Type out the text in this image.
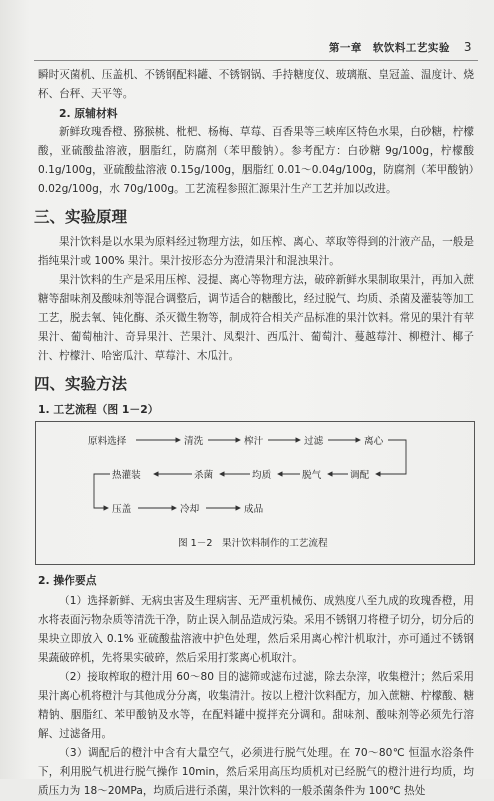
第一章　软饮料工艺实验 3

瞬时灭菌机、压盖机、不锈钢配料罐、不锈钢锅、手持糖度仪、玻璃瓶、皇冠盖、温度计、烧杯、台秤、天平等。

2. 原辅材料

新鲜玫瑰香橙、猕猴桃、枇杷、杨梅、草莓、百香果等三峡库区特色水果，白砂糖，柠檬酸，亚硫酸盐溶液，胭脂红，防腐剂（苯甲酸钠）。参考配方：白砂糖 9g/100g，柠檬酸 0.1g/100g，亚硫酸盐溶液 0.15g/100g，胭脂红 0.01～0.04g/100g，防腐剂（苯甲酸钠）0.02g/100g，水 70g/100g。工艺流程参照汇源果汁生产工艺并加以改进。

三、实验原理

果汁饮料是以水果为原料经过物理方法，如压榨、离心、萃取等得到的汁液产品，一般是指纯果汁或 100% 果汁。果汁按形态分为澄清果汁和混浊果汁。

果汁饮料的生产是采用压榨、浸提、离心等物理方法，破碎新鲜水果制取果汁，再加入蔗糖等甜味剂及酸味剂等混合调整后，调节适合的糖酸比，经过脱气、均质、杀菌及灌装等加工工艺，脱去氧、钝化酶、杀灭微生物等，制成符合相关产品标准的果汁饮料。常见的果汁有苹果汁、葡萄柚汁、奇异果汁、芒果汁、凤梨汁、西瓜汁、葡萄汁、蔓越莓汁、柳橙汁、椰子汁、柠檬汁、哈密瓜汁、草莓汁、木瓜汁。

四、实验方法
1. 工艺流程（图 1－2）
原料选择	清洗	榨汁	过滤	离心
热灌装	杀菌	均质	脱气	调配
压盖	冷却	成品
图 1－2　果汁饮料制作的工艺流程
2. 操作要点

（1）选择新鲜、无病虫害及生理病害、无严重机械伤、成熟度八至九成的玫瑰香橙，用水将表面污物杂质等清洗干净，防止误入制品造成污染。采用不锈钢刀将橙子切分，切分后的果块立即放入 0.1% 亚硫酸盐溶液中护色处理，然后采用离心榨汁机取汁，亦可通过不锈钢果蔬破碎机，先将果实破碎，然后采用打浆离心机取汁。

（2）接取榨取的橙汁用 60～80 目的滤筛或滤布过滤，除去杂滓，收集橙汁；然后采用果汁离心机将橙汁与其他成分分离，收集清汁。按以上橙汁饮料配方，加入蔗糖、柠檬酸、糖精钠、胭脂红、苯甲酸钠及水等，在配料罐中搅拌充分调和。甜味剂、酸味剂等必须先行溶解、过滤备用。

（3）调配后的橙汁中含有大量空气，必须进行脱气处理。在 70～80℃ 恒温水浴条件下，利用脱气机进行脱气操作 10min，然后采用高压均质机对已经脱气的橙汁进行均质，均质压力为 18～20MPa，均质后进行杀菌，果汁饮料的一般杀菌条件为 100℃ 热处
